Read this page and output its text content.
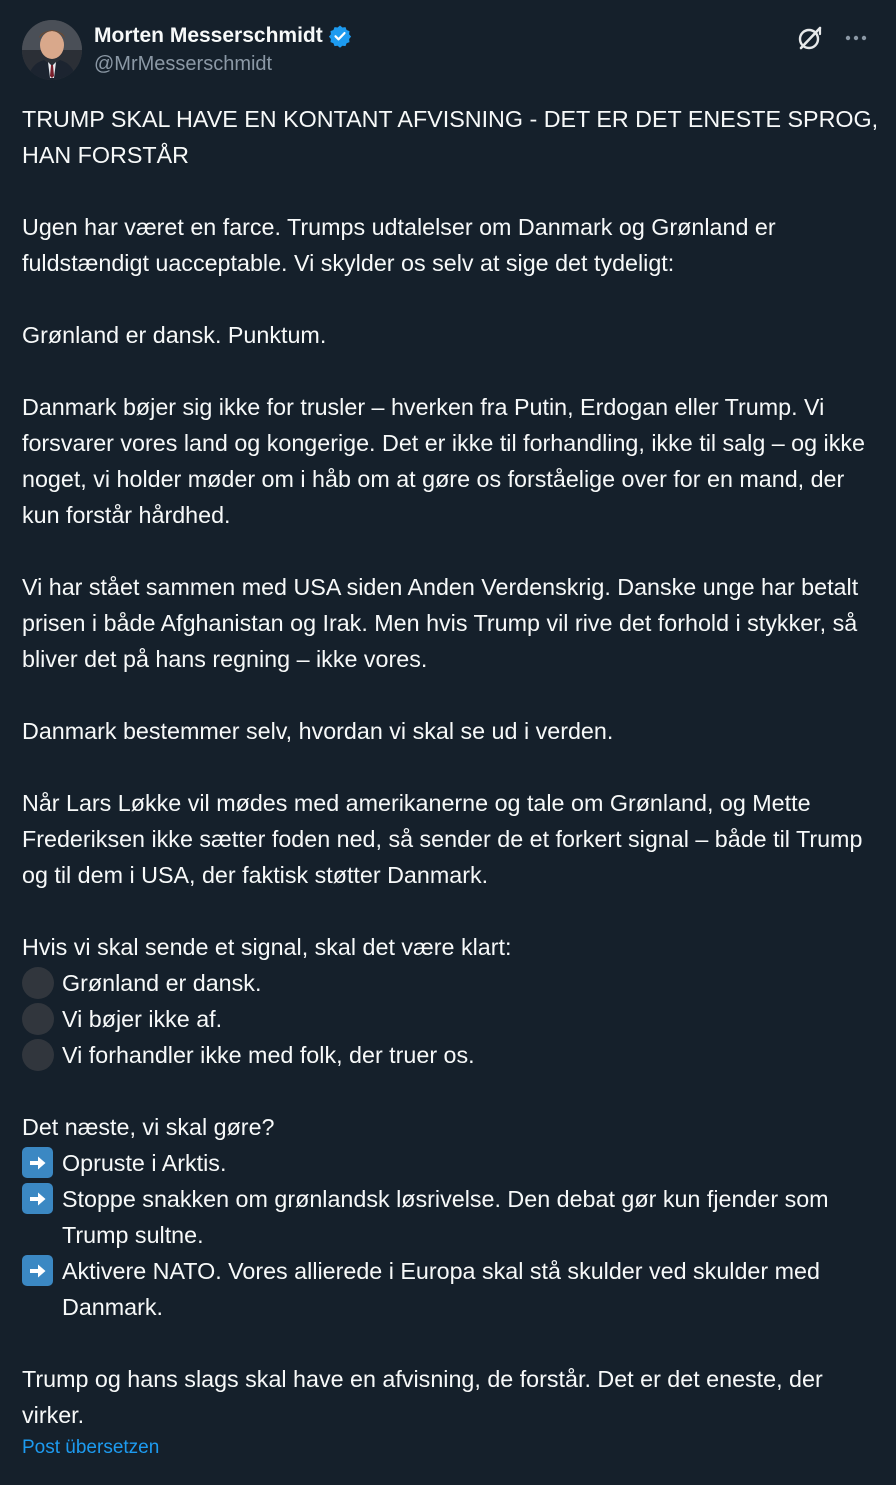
Morten Messerschmidt
@MrMesserschmidt

TRUMP SKAL HAVE EN KONTANT AFVISNING - DET ER DET ENESTE SPROG, HAN FORSTÅR

Ugen har været en farce. Trumps udtalelser om Danmark og Grønland er fuldstændigt uacceptable. Vi skylder os selv at sige det tydeligt:

Grønland er dansk. Punktum.

Danmark bøjer sig ikke for trusler – hverken fra Putin, Erdogan eller Trump. Vi forsvarer vores land og kongerige. Det er ikke til forhandling, ikke til salg – og ikke noget, vi holder møder om i håb om at gøre os forståelige over for en mand, der kun forstår hårdhed.

Vi har stået sammen med USA siden Anden Verdenskrig. Danske unge har betalt prisen i både Afghanistan og Irak. Men hvis Trump vil rive det forhold i stykker, så bliver det på hans regning – ikke vores.

Danmark bestemmer selv, hvordan vi skal se ud i verden.

Når Lars Løkke vil mødes med amerikanerne og tale om Grønland, og Mette Frederiksen ikke sætter foden ned, så sender de et forkert signal – både til Trump og til dem i USA, der faktisk støtter Danmark.

Hvis vi skal sende et signal, skal det være klart:
Grønland er dansk.
Vi bøjer ikke af.
Vi forhandler ikke med folk, der truer os.
Det næste, vi skal gøre?
Opruste i Arktis.
Stoppe snakken om grønlandsk løsrivelse. Den debat gør kun fjender som Trump sultne.
Aktivere NATO. Vores allierede i Europa skal stå skulder ved skulder med Danmark.

Trump og hans slags skal have en afvisning, de forstår. Det er det eneste, der virker.

Post übersetzen
